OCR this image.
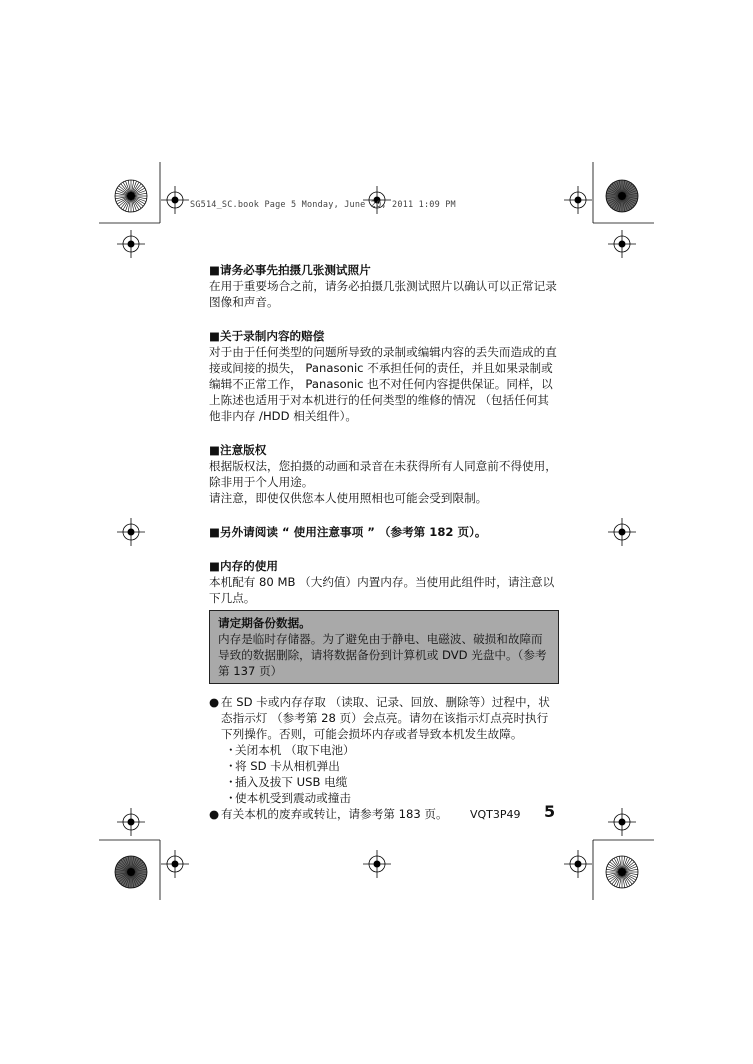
SG514_SC.book Page 5 Monday, June 20, 2011 1:09 PM
■请务必事先拍摄几张测试照片

在用于重要场合之前，请务必拍摄几张测试照片以确认可以正常记录图像和声音。

■关于录制内容的赔偿

对于由于任何类型的问题所导致的录制或编辑内容的丢失而造成的直接或间接的损失， Panasonic 不承担任何的责任，并且如果录制或编辑不正常工作， Panasonic 也不对任何内容提供保证。同样，以上陈述也适用于对本机进行的任何类型的维修的情况 （包括任何其他非内存 /HDD 相关组件）。

■注意版权

根据版权法，您拍摄的动画和录音在未获得所有人同意前不得使用，除非用于个人用途。

请注意，即使仅供您本人使用照相也可能会受到限制。

■另外请阅读 “ 使用注意事项 ” （参考第 182 页）。
■内存的使用

本机配有 80 MB （大约值）内置内存。当使用此组件时，请注意以下几点。

请定期备份数据。
内存是临时存储器。为了避免由于静电、电磁波、破损和故障而导致的数据删除，请将数据备份到计算机或 DVD 光盘中。（参考第 137 页）
● 在 SD 卡或内存存取 （读取、记录、回放、删除等）过程中，状态指示灯 （参考第 28 页）会点亮。请勿在该指示灯点亮时执行下列操作。否则，可能会损坏内存或者导致本机发生故障。
・
关闭本机 （取下电池）
・
将 SD 卡从相机弹出
・
插入及拔下 USB 电缆
・
使本机受到震动或撞击
● 有关本机的废弃或转让，请参考第 183 页。	VQT3P49 5
